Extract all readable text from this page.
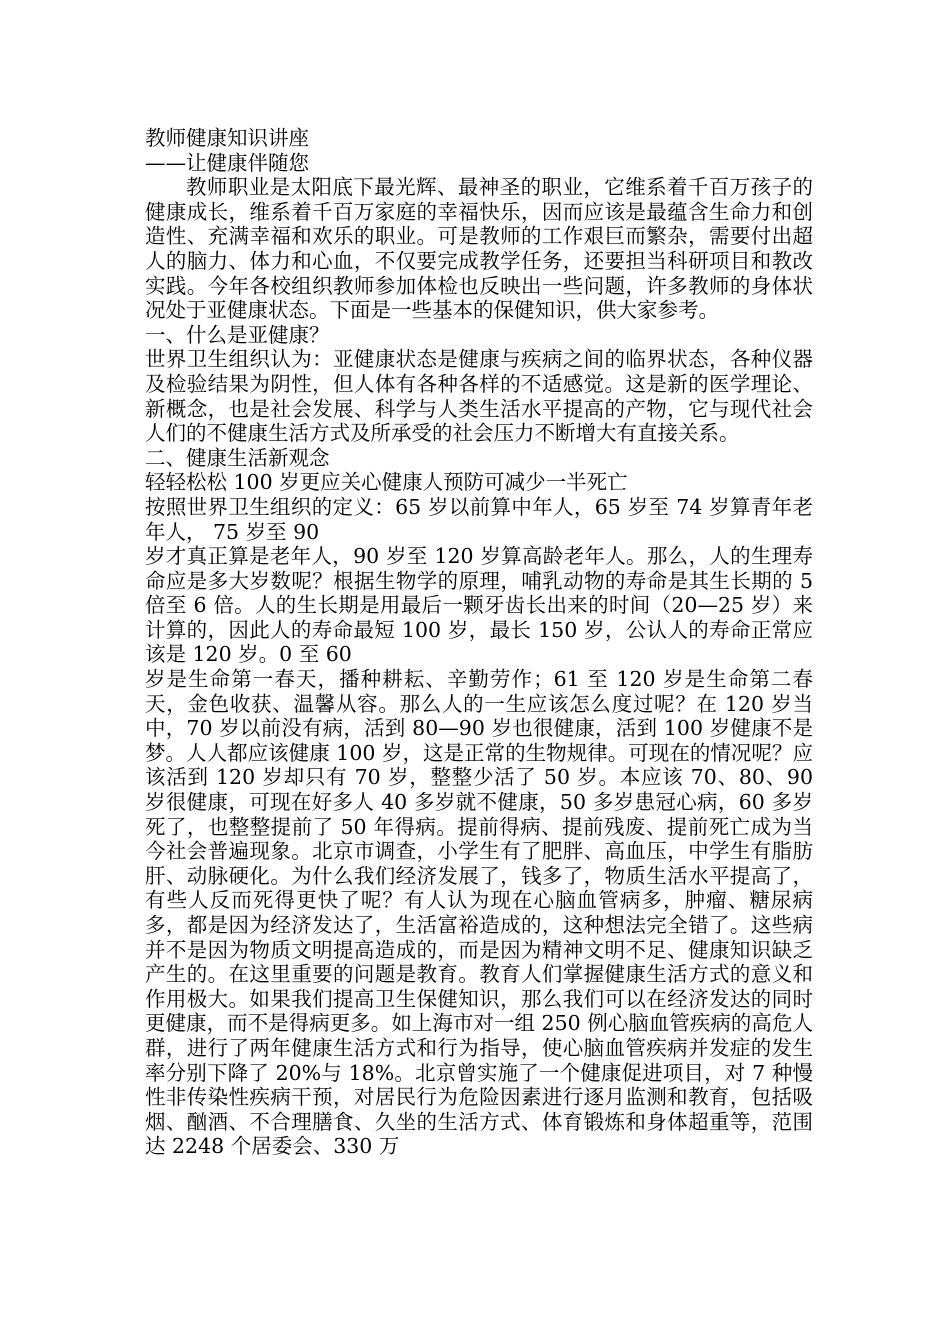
教师健康知识讲座

——让健康伴随您

教师职业是太阳底下最光辉、最神圣的职业，它维系着千百万孩子的健康成长，维系着千百万家庭的幸福快乐，因而应该是最蕴含生命力和创造性、充满幸福和欢乐的职业。可是教师的工作艰巨而繁杂，需要付出超人的脑力、体力和心血，不仅要完成教学任务，还要担当科研项目和教改实践。今年各校组织教师参加体检也反映出一些问题，许多教师的身体状况处于亚健康状态。下面是一些基本的保健知识，供大家参考。

一、什么是亚健康？

世界卫生组织认为：亚健康状态是健康与疾病之间的临界状态，各种仪器及检验结果为阴性，但人体有各种各样的不适感觉。这是新的医学理论、新概念，也是社会发展、科学与人类生活水平提高的产物，它与现代社会人们的不健康生活方式及所承受的社会压力不断增大有直接关系。

二、健康生活新观念

轻轻松松 100 岁更应关心健康人预防可减少一半死亡

按照世界卫生组织的定义：65 岁以前算中年人，65 岁至 74 岁算青年老年人， 75 岁至 90

岁才真正算是老年人，90 岁至 120 岁算高龄老年人。那么，人的生理寿命应是多大岁数呢？根据生物学的原理，哺乳动物的寿命是其生长期的 5 倍至 6 倍。人的生长期是用最后一颗牙齿长出来的时间（20—25 岁）来计算的，因此人的寿命最短 100 岁，最长 150 岁，公认人的寿命正常应该是 120 岁。0 至 60

岁是生命第一春天，播种耕耘、辛勤劳作；61 至 120 岁是生命第二春天，金色收获、温馨从容。那么人的一生应该怎么度过呢？在 120 岁当中，70 岁以前没有病，活到 80—90 岁也很健康，活到 100 岁健康不是梦。人人都应该健康 100 岁，这是正常的生物规律。可现在的情况呢？应该活到 120 岁却只有 70 岁，整整少活了 50 岁。本应该 70、80、90 岁很健康，可现在好多人 40 多岁就不健康，50 多岁患冠心病，60 多岁死了，也整整提前了 50 年得病。提前得病、提前残废、提前死亡成为当今社会普遍现象。北京市调查，小学生有了肥胖、高血压，中学生有脂肪肝、动脉硬化。为什么我们经济发展了，钱多了，物质生活水平提高了，有些人反而死得更快了呢？有人认为现在心脑血管病多，肿瘤、糖尿病多，都是因为经济发达了，生活富裕造成的，这种想法完全错了。这些病并不是因为物质文明提高造成的，而是因为精神文明不足、健康知识缺乏产生的。在这里重要的问题是教育。教育人们掌握健康生活方式的意义和作用极大。如果我们提高卫生保健知识，那么我们可以在经济发达的同时更健康，而不是得病更多。如上海市对一组 250 例心脑血管疾病的高危人群，进行了两年健康生活方式和行为指导，使心脑血管疾病并发症的发生率分别下降了 20%与 18%。北京曾实施了一个健康促进项目，对 7 种慢性非传染性疾病干预，对居民行为危险因素进行逐月监测和教育，包括吸烟、酗酒、不合理膳食、久坐的生活方式、体育锻炼和身体超重等，范围达 2248 个居委会、330 万
